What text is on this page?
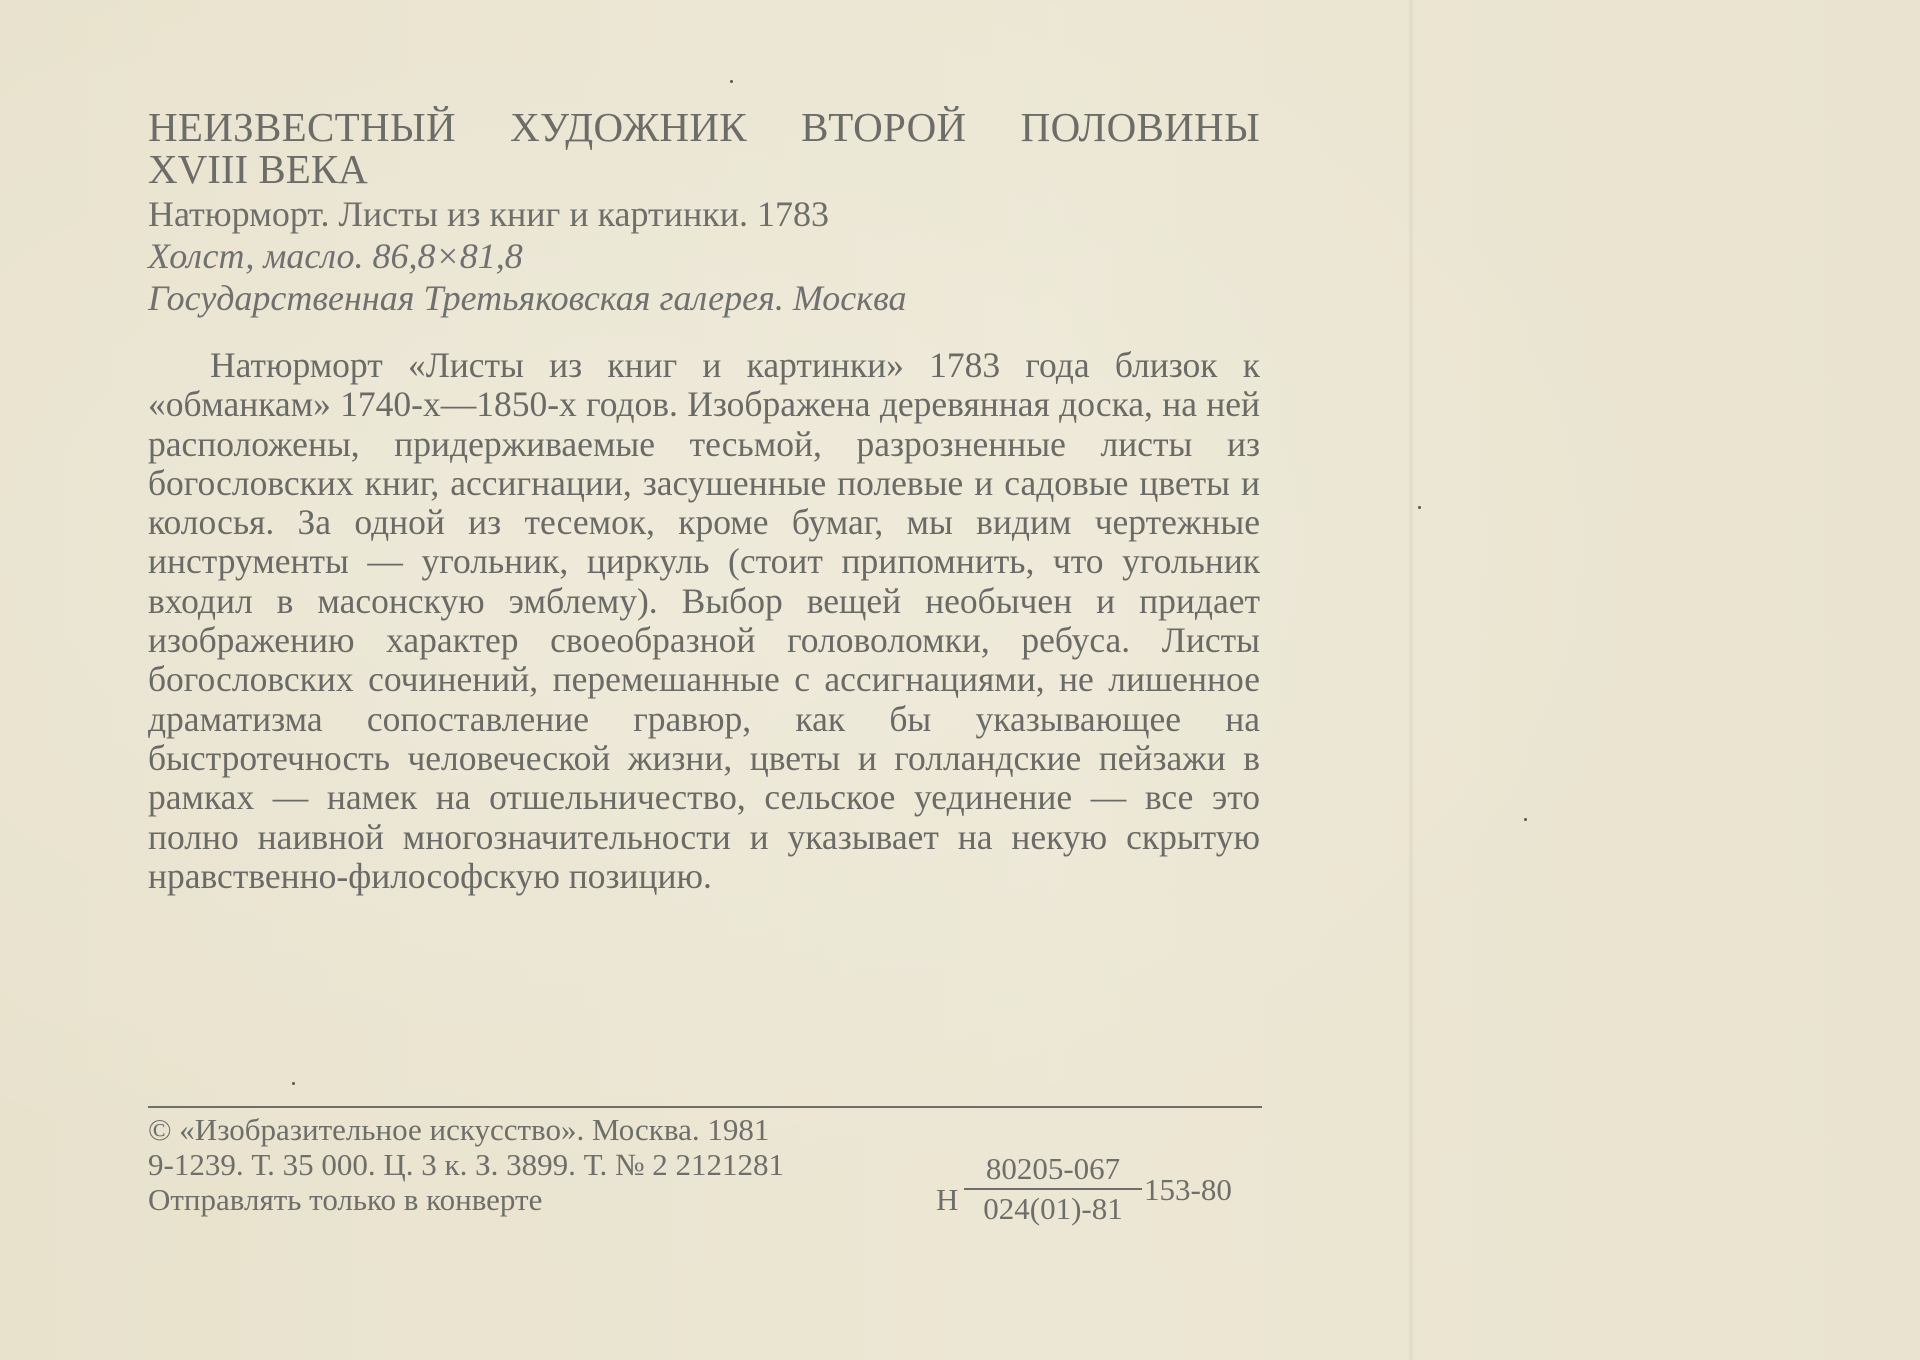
НЕИЗВЕСТНЫЙ ХУДОЖНИК ВТОРОЙ ПОЛОВИНЫ
XVIII ВЕКА
Натюрморт. Листы из книг и картинки. 1783
Холст, масло. 86,8×81,8
Государственная Третьяковская галерея. Москва

Натюрморт «Листы из книг и картинки» 1783 года близок к «обманкам» 1740-х—1850-х годов. Изображена деревянная доска, на ней расположены, придерживаемые тесьмой, разрозненные листы из богословских книг, ассигнации, засушенные полевые и садовые цветы и колосья. За одной из тесемок, кроме бумаг, мы видим чертежные инструменты — угольник, циркуль (стоит припомнить, что угольник входил в масонскую эмблему). Выбор вещей необычен и придает изображению характер своеобразной головоломки, ребуса. Листы богословских сочинений, перемешанные с ассигнациями, не лишенное драматизма сопоставление гравюр, как бы указывающее на быстротечность человеческой жизни, цветы и голландские пейзажи в рамках — намек на отшельничество, сельское уединение — все это полно наивной многозначительности и указывает на некую скрытую нравственно-философскую позицию.

© «Изобразительное искусство». Москва. 1981
9-1239. Т. 35 000. Ц. 3 к. З. 3899. Т. № 2 2121281
Отправлять только в конверте	Н
80205-067
024(01)-81
153-80
